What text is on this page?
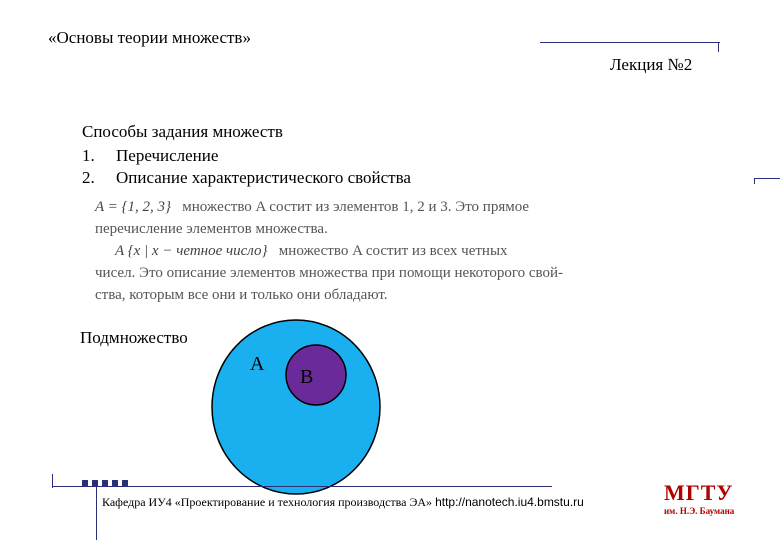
«Основы теории множеств»
Лекция №2
Способы задания множеств
1. Перечисление
2. Описание характеристического свойства
A = {1, 2, 3} множество A состит из элементов 1, 2 и 3. Это прямое
перечисление элементов множества.
A {x | x − четное число} множество A состит из всех четных
чисел. Это описание элементов множества при помощи некоторого свой-
ства, которым все они и только они обладают.
Подмножество
A
B
Кафедра ИУ4 «Проектирование и технология производства ЭА» http://nanotech.iu4.bmstu.ru	МГТУ
им. Н.Э. Баумана
